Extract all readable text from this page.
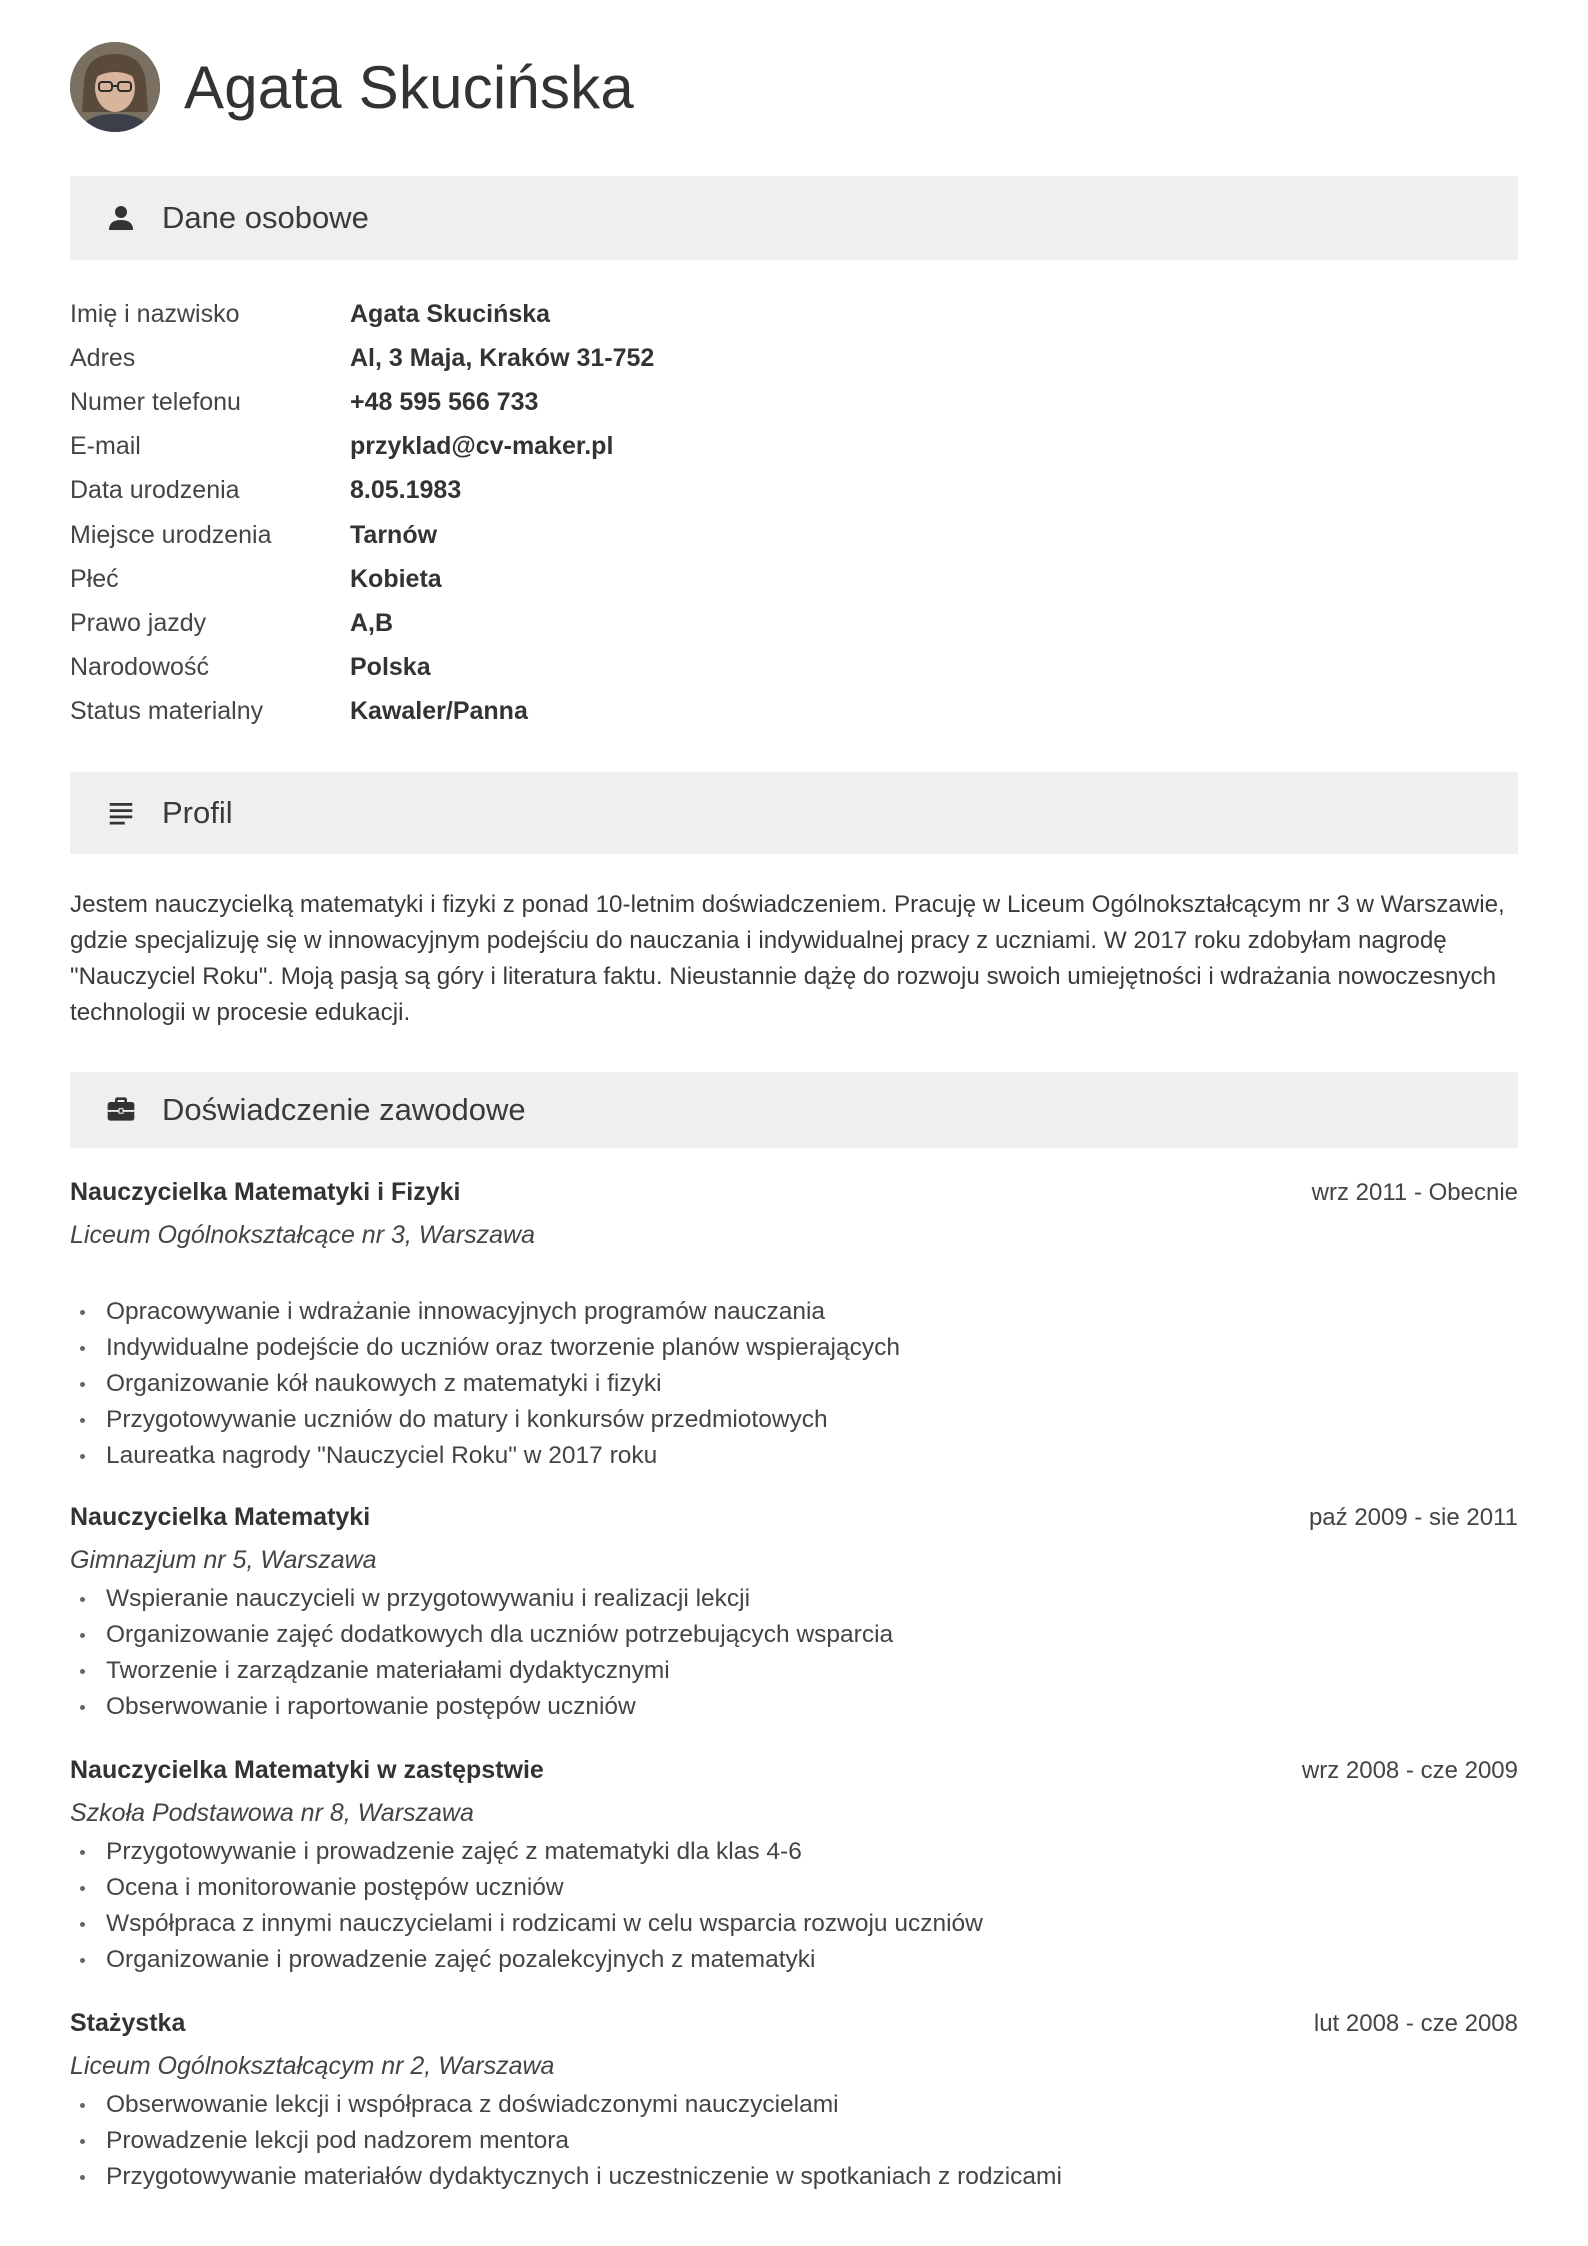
Agata Skucińska
Dane osobowe
Imię i nazwisko	Agata Skucińska
Adres	Al, 3 Maja, Kraków 31-752
Numer telefonu	+48 595 566 733
E-mail	przyklad@cv-maker.pl
Data urodzenia	8.05.1983
Miejsce urodzenia	Tarnów
Płeć	Kobieta
Prawo jazdy	A,B
Narodowość	Polska
Status materialny	Kawaler/Panna
Profil
Jestem nauczycielką matematyki i fizyki z ponad 10-letnim doświadczeniem. Pracuję w Liceum Ogólnokształcącym nr 3 w Warszawie, gdzie specjalizuję się w innowacyjnym podejściu do nauczania i indywidualnej pracy z uczniami. W 2017 roku zdobyłam nagrodę "Nauczyciel Roku". Moją pasją są góry i literatura faktu. Nieustannie dążę do rozwoju swoich umiejętności i wdrażania nowoczesnych technologii w procesie edukacji.
Doświadczenie zawodowe
Nauczycielka Matematyki i Fizyki	wrz 2011 - Obecnie
Liceum Ogólnokształcące nr 3, Warszawa
Opracowywanie i wdrażanie innowacyjnych programów nauczania
Indywidualne podejście do uczniów oraz tworzenie planów wspierających
Organizowanie kół naukowych z matematyki i fizyki
Przygotowywanie uczniów do matury i konkursów przedmiotowych
Laureatka nagrody "Nauczyciel Roku" w 2017 roku
Nauczycielka Matematyki	paź 2009 - sie 2011
Gimnazjum nr 5, Warszawa
Wspieranie nauczycieli w przygotowywaniu i realizacji lekcji
Organizowanie zajęć dodatkowych dla uczniów potrzebujących wsparcia
Tworzenie i zarządzanie materiałami dydaktycznymi
Obserwowanie i raportowanie postępów uczniów
Nauczycielka Matematyki w zastępstwie	wrz 2008 - cze 2009
Szkoła Podstawowa nr 8, Warszawa
Przygotowywanie i prowadzenie zajęć z matematyki dla klas 4-6
Ocena i monitorowanie postępów uczniów
Współpraca z innymi nauczycielami i rodzicami w celu wsparcia rozwoju uczniów
Organizowanie i prowadzenie zajęć pozalekcyjnych z matematyki
Stażystka	lut 2008 - cze 2008
Liceum Ogólnokształcącym nr 2, Warszawa
Obserwowanie lekcji i współpraca z doświadczonymi nauczycielami
Prowadzenie lekcji pod nadzorem mentora
Przygotowywanie materiałów dydaktycznych i uczestniczenie w spotkaniach z rodzicami
